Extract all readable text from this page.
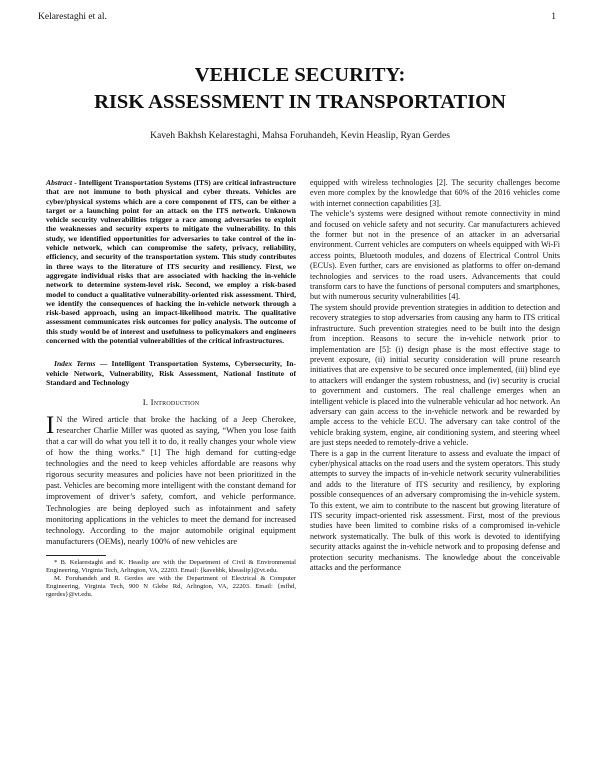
Kelarestaghi et al.	1
VEHICLE SECURITY:
RISK ASSESSMENT IN TRANSPORTATION
Kaveh Bakhsh Kelarestaghi, Mahsa Foruhandeh, Kevin Heaslip, Ryan Gerdes

Abstract - Intelligent Transportation Systems (ITS) are critical infrastructure that are not immune to both physical and cyber threats. Vehicles are cyber/physical systems which are a core component of ITS, can be either a target or a launching point for an attack on the ITS network. Unknown vehicle security vulnerabilities trigger a race among adversaries to exploit the weaknesses and security experts to mitigate the vulnerability. In this study, we identified opportunities for adversaries to take control of the in-vehicle network, which can compromise the safety, privacy, reliability, efficiency, and security of the transportation system. This study contributes in three ways to the literature of ITS security and resiliency. First, we aggregate individual risks that are associated with hacking the in-vehicle network to determine system-level risk. Second, we employ a risk-based model to conduct a qualitative vulnerability-oriented risk assessment. Third, we identify the consequences of hacking the in-vehicle network through a risk-based approach, using an impact-likelihood matrix. The qualitative assessment communicates risk outcomes for policy analysis. The outcome of this study would be of interest and usefulness to policymakers and engineers concerned with the potential vulnerabilities of the critical infrastructures.

Index Terms — Intelligent Transportation Systems, Cybersecurity, In-vehicle Network, Vulnerability, Risk Assessment, National Institute of Standard and Technology

I. Introduction

I N the Wired article that broke the hacking of a Jeep Cherokee, researcher Charlie Miller was quoted as saying, “When you lose faith that a car will do what you tell it to do, it really changes your whole view of how the thing works.” [1] The high demand for cutting-edge technologies and the need to keep vehicles affordable are reasons why rigorous security measures and policies have not been prioritized in the past. Vehicles are becoming more intelligent with the constant demand for improvement of driver’s safety, comfort, and vehicle performance. Technologies are being deployed such as infotainment and safety monitoring applications in the vehicles to meet the demand for increased technology. According to the major automobile original equipment manufacturers (OEMs), nearly 100% of new vehicles are

* B. Kelarestaghi and K. Heaslip are with the Department of Civil & Environmental Engineering, Virginia Tech, Arlington, VA, 22203. Email: {kavehbk, kheaslip}@vt.edu.

M. Foruhandeh and R. Gerdes are with the Department of Electrical & Computer Engineering, Virginia Tech, 900 N Glebe Rd, Arlington, VA, 22203. Email: {mfhd, rgerdes}@vt.edu.

equipped with wireless technologies [2]. The security challenges become even more complex by the knowledge that 60% of the 2016 vehicles come with internet connection capabilities [3].

The vehicle’s systems were designed without remote connectivity in mind and focused on vehicle safety and not security. Car manufacturers achieved the former but not in the presence of an attacker in an adversarial environment. Current vehicles are computers on wheels equipped with Wi-Fi access points, Bluetooth modules, and dozens of Electrical Control Units (ECUs). Even further, cars are envisioned as platforms to offer on-demand technologies and services to the road users. Advancements that could transform cars to have the functions of personal computers and smartphones, but with numerous security vulnerabilities [4].

The system should provide prevention strategies in addition to detection and recovery strategies to stop adversaries from causing any harm to ITS critical infrastructure. Such prevention strategies need to be built into the design from inception. Reasons to secure the in-vehicle network prior to implementation are [5]: (i) design phase is the most effective stage to prevent exposure, (ii) initial security consideration will prune research initiatives that are expensive to be secured once implemented, (iii) blind eye to attackers will endanger the system robustness, and (iv) security is crucial to government and customers. The real challenge emerges when an intelligent vehicle is placed into the vulnerable vehicular ad hoc network. An adversary can gain access to the in-vehicle network and be rewarded by ample access to the vehicle ECU. The adversary can take control of the vehicle braking system, engine, air conditioning system, and steering wheel are just steps needed to remotely-drive a vehicle.

There is a gap in the current literature to assess and evaluate the impact of cyber/physical attacks on the road users and the system operators. This study attempts to survey the impacts of in-vehicle network security vulnerabilities and adds to the literature of ITS security and resiliency, by exploring possible consequences of an adversary compromising the in-vehicle system. To this extent, we aim to contribute to the nascent but growing literature of ITS security impact-oriented risk assessment. First, most of the previous studies have been limited to combine risks of a compromised in-vehicle network systematically. The bulk of this work is devoted to identifying security attacks against the in-vehicle network and to proposing defense and protection security mechanisms. The knowledge about the conceivable attacks and the performance
